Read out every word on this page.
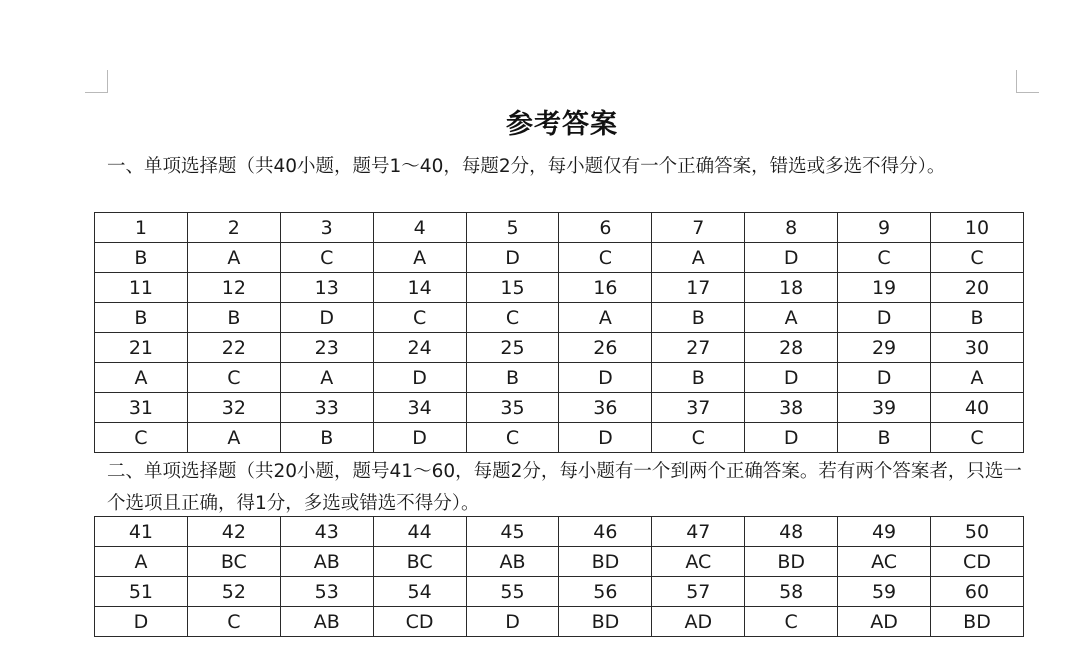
参考答案

一、单项选择题（共40小题，题号1～40，每题2分，每小题仅有一个正确答案，错选或多选不得分）。

1	2	3	4	5	6	7	8	9	10
B	A	C	A	D	C	A	D	C	C
11	12	13	14	15	16	17	18	19	20
B	B	D	C	C	A	B	A	D	B
21	22	23	24	25	26	27	28	29	30
A	C	A	D	B	D	B	D	D	A
31	32	33	34	35	36	37	38	39	40
C	A	B	D	C	D	C	D	B	C

二、单项选择题（共20小题，题号41～60，每题2分，每小题有一个到两个正确答案。若有两个答案者，只选一个选项且正确，得1分，多选或错选不得分）。

41	42	43	44	45	46	47	48	49	50
A	BC	AB	BC	AB	BD	AC	BD	AC	CD
51	52	53	54	55	56	57	58	59	60
D	C	AB	CD	D	BD	AD	C	AD	BD
